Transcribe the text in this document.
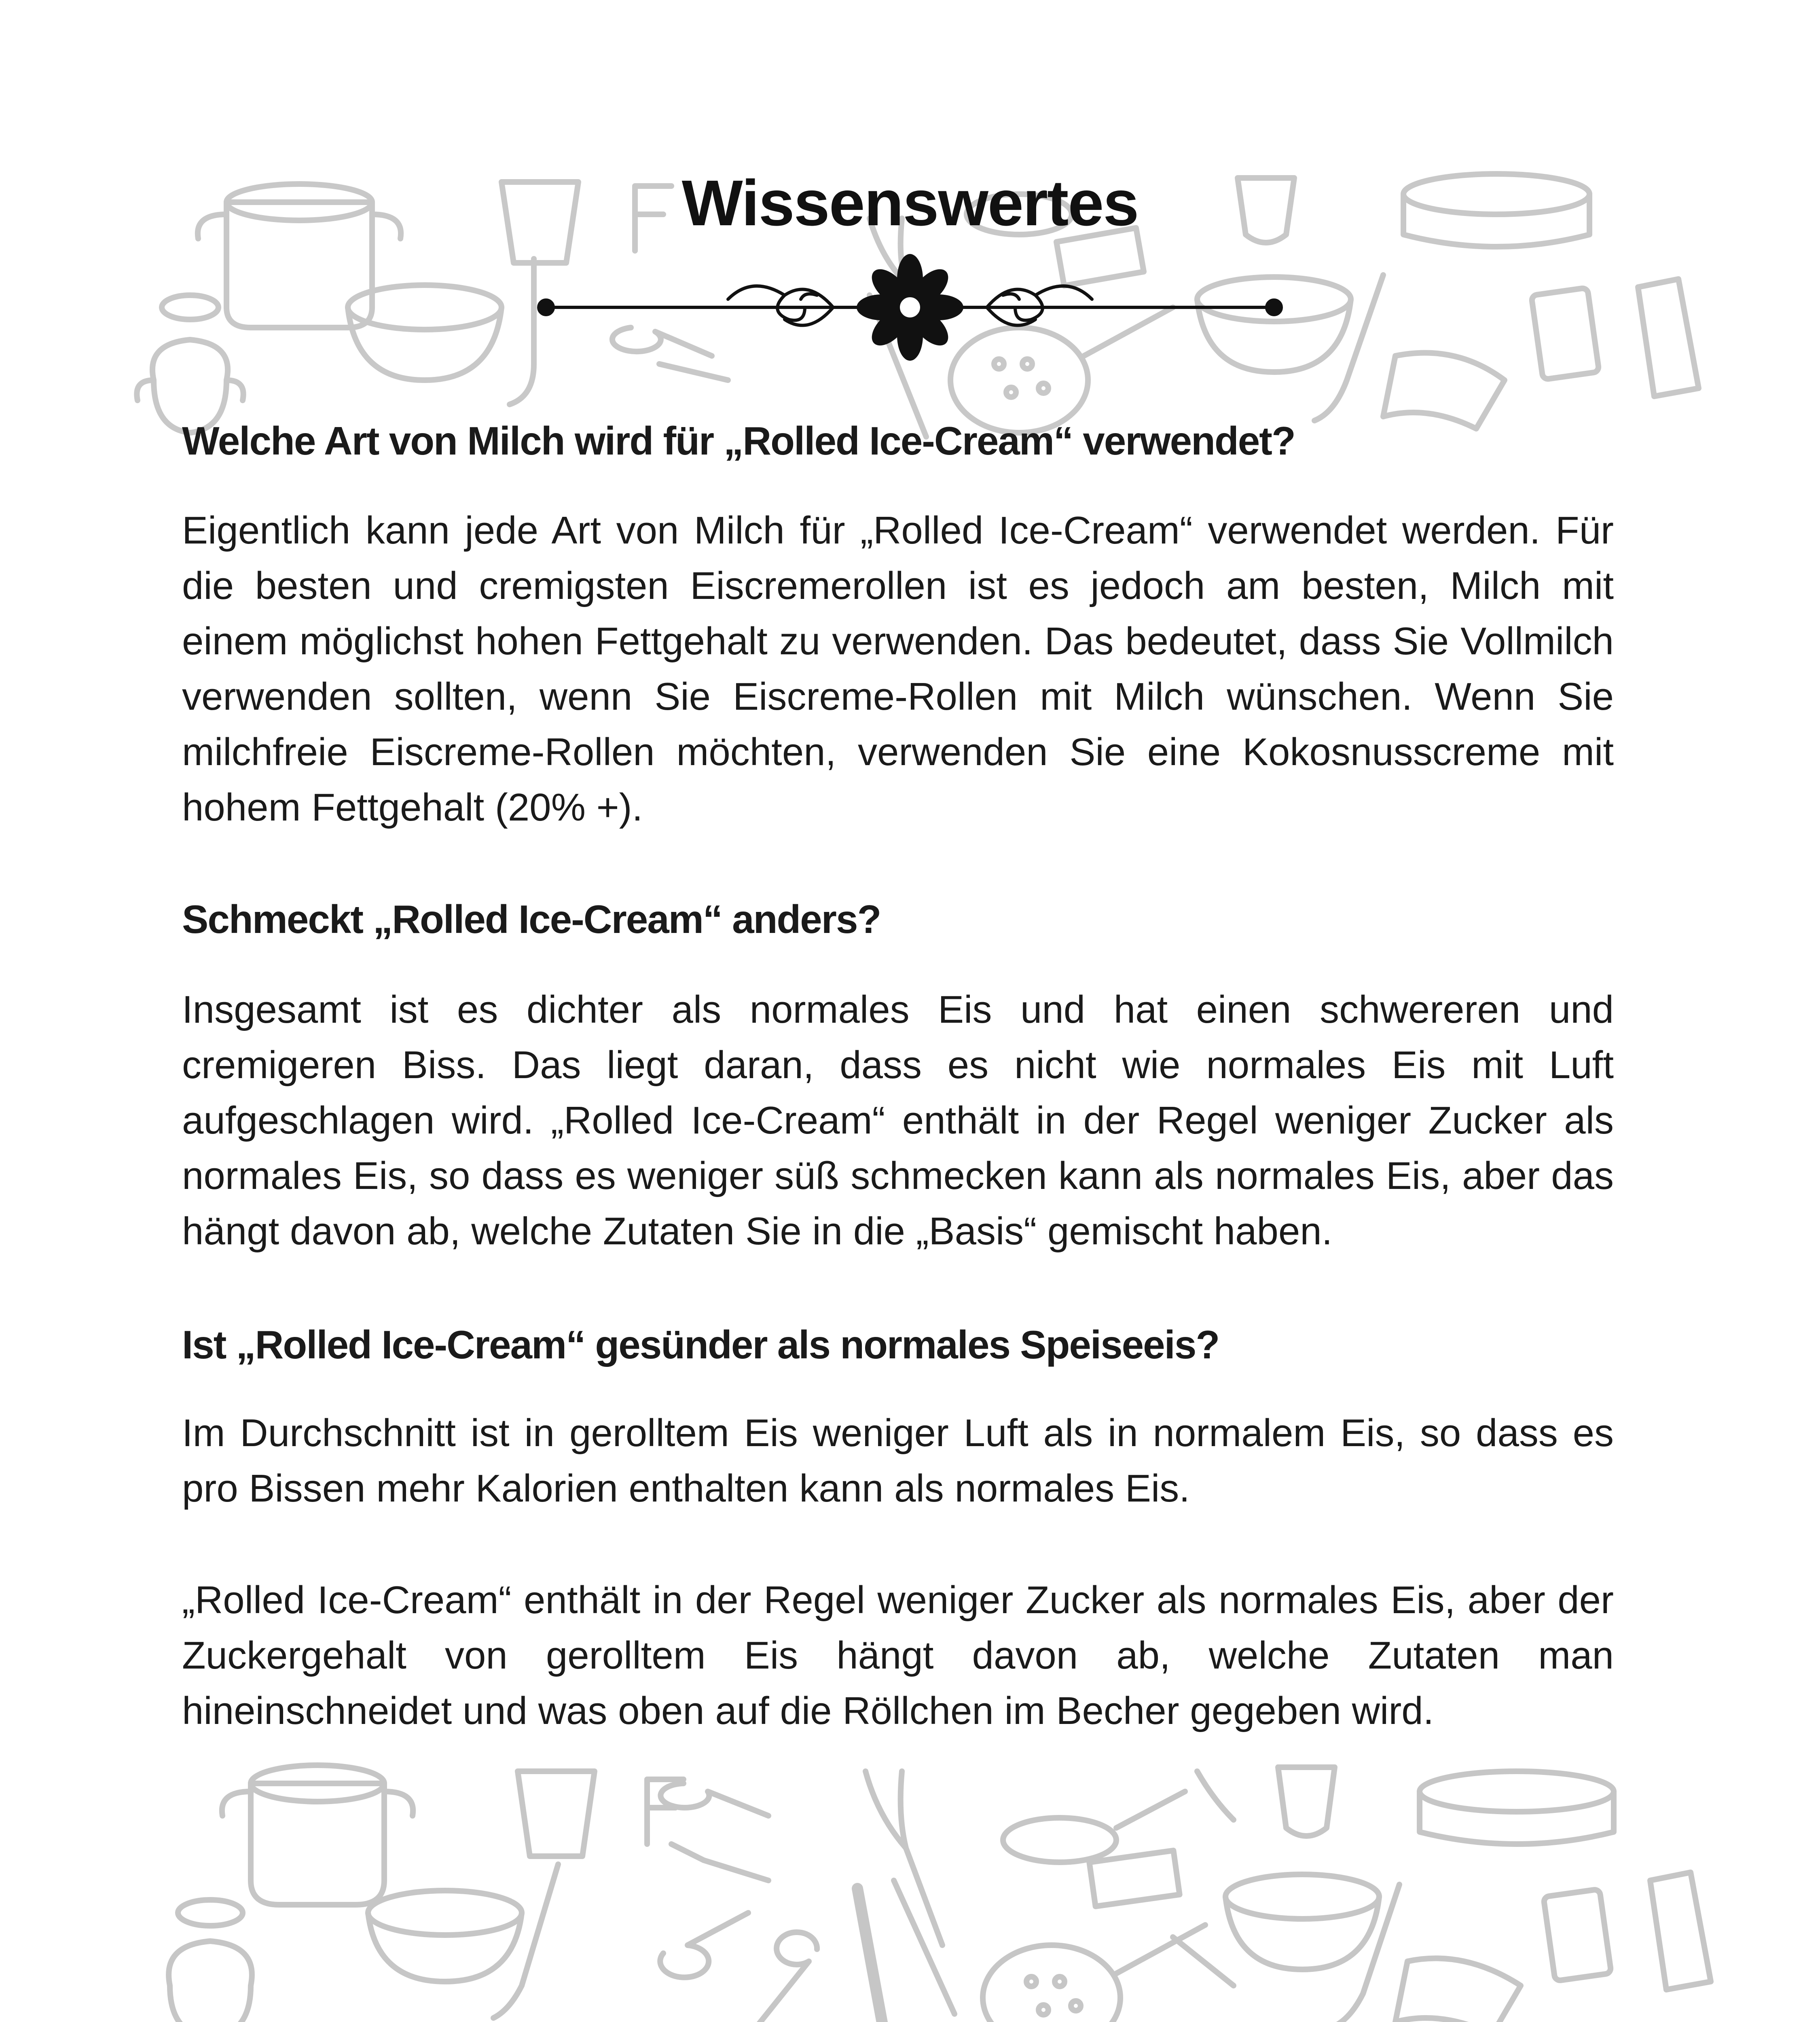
Wissenswertes
Welche Art von Milch wird für „Rolled Ice-Cream“ verwendet?

Eigentlich kann jede Art von Milch für „Rolled Ice-Cream“ verwendet werden. Für die besten und cremigsten Eiscremerollen ist es jedoch am besten, Milch mit einem möglichst hohen Fettgehalt zu verwenden. Das bedeutet, dass Sie Vollmilch verwenden sollten, wenn Sie Eiscreme-Rollen mit Milch wünschen. Wenn Sie milchfreie Eiscreme-Rollen möchten, verwenden Sie eine Kokosnusscreme mit hohem Fettgehalt (20% +).

Schmeckt „Rolled Ice-Cream“ anders?

Insgesamt ist es dichter als normales Eis und hat einen schwereren und cremigeren Biss. Das liegt daran, dass es nicht wie normales Eis mit Luft aufgeschlagen wird. „Rolled Ice-Cream“ enthält in der Regel weniger Zucker als normales Eis, so dass es weniger süß schmecken kann als normales Eis, aber das hängt davon ab, welche Zutaten Sie in die „Basis“ gemischt haben.

Ist „Rolled Ice-Cream“ gesünder als normales Speiseeis?

Im Durchschnitt ist in gerolltem Eis weniger Luft als in normalem Eis, so dass es pro Bissen mehr Kalorien enthalten kann als normales Eis.

„Rolled Ice-Cream“ enthält in der Regel weniger Zucker als normales Eis, aber der Zuckergehalt von gerolltem Eis hängt davon ab, welche Zutaten man hineinschneidet und was oben auf die Röllchen im Becher gegeben wird.
